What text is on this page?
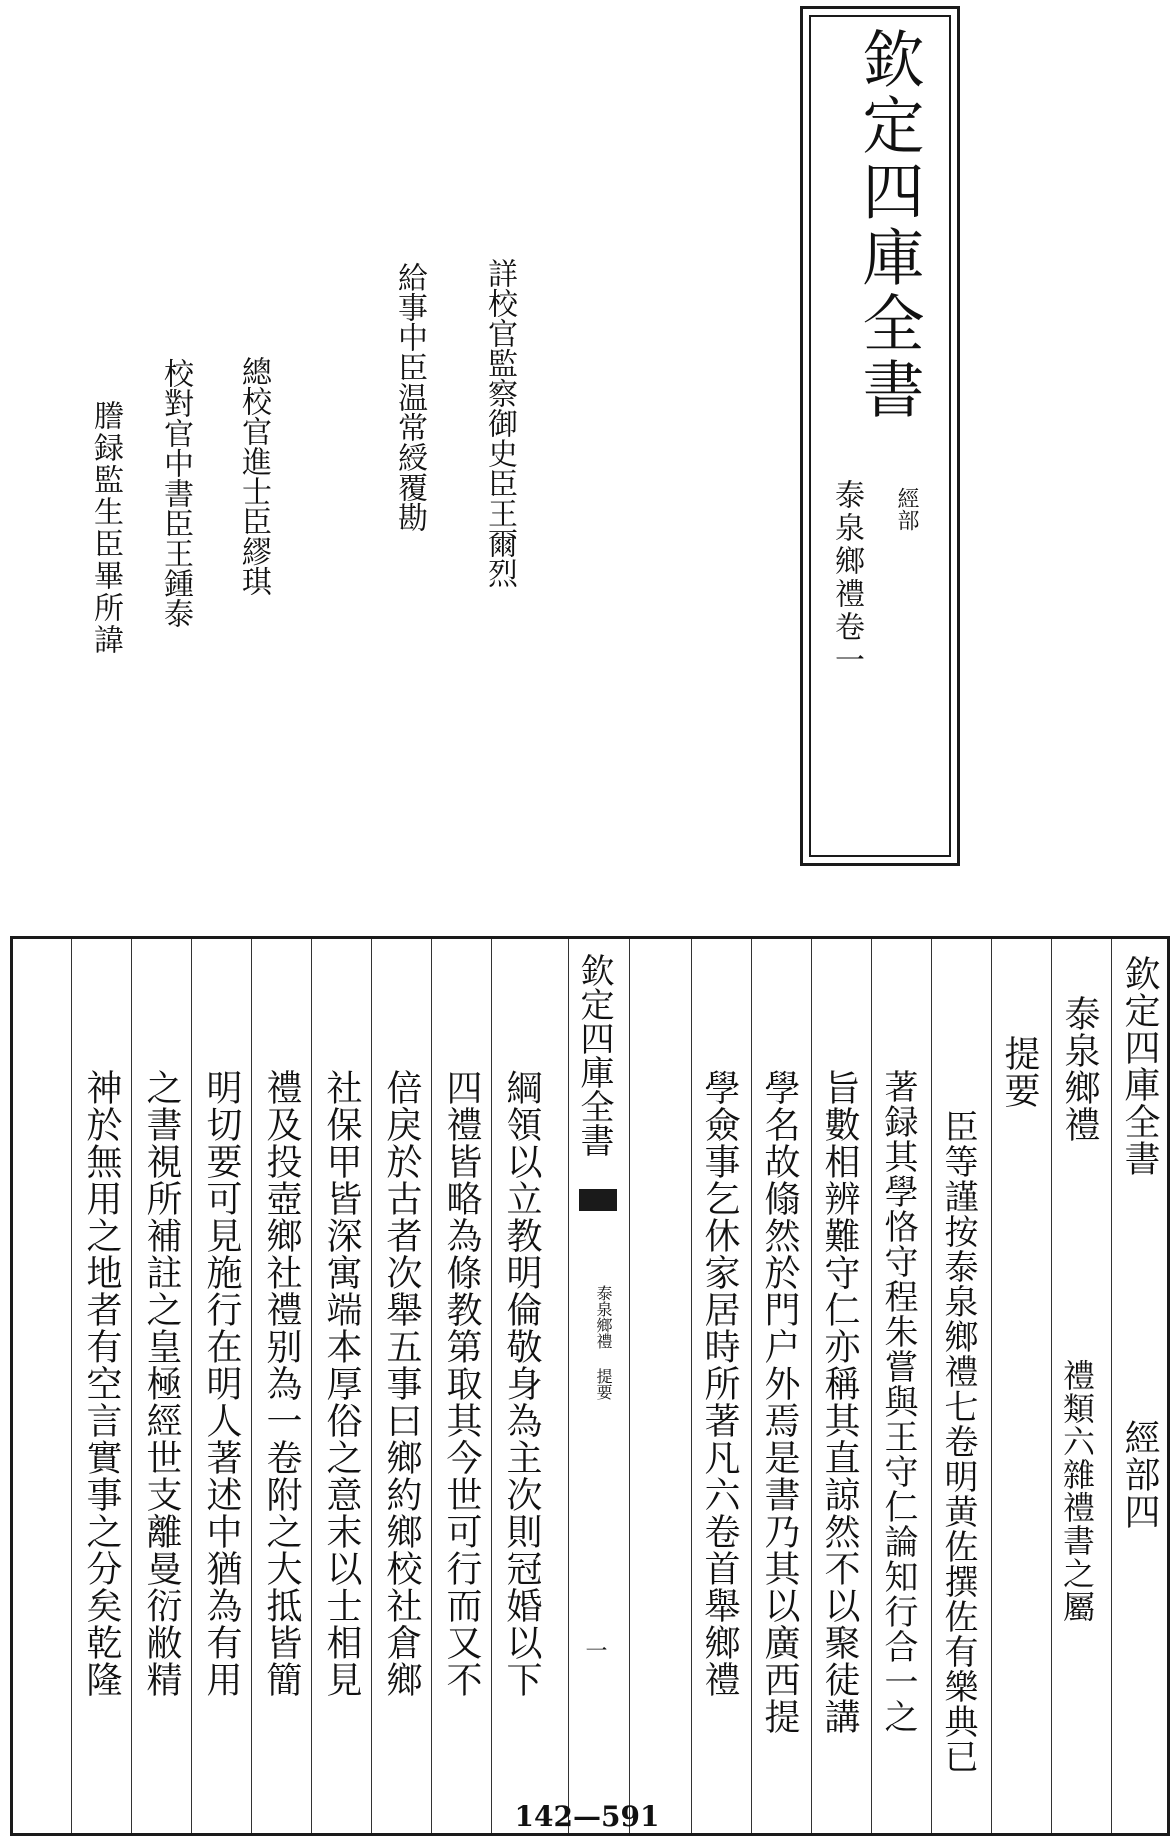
欽定四庫全書
經部
泰泉鄉禮卷一
詳校官監察御史臣王爾烈
給事中臣温常綬覆勘
總校官進士臣繆琪
校對官中書臣王鍾泰
謄録監生臣畢所諱
欽定四庫全書
經部四
泰泉鄉禮
禮類六雜禮書之屬
提要
臣等謹按泰泉鄉禮七卷明黄佐撰佐有樂典已
著録其學恪守程朱嘗與王守仁論知行合一之
旨數相辨難守仁亦稱其直諒然不以聚徒講
學名故翛然於門户外焉是書乃其以廣西提
學僉事乞休家居時所著凡六卷首舉鄉禮
欽定四庫全書
泰泉鄉禮 提要
一
綱領以立教明倫敬身為主次則冠婚以下
四禮皆略為條教第取其今世可行而又不
倍戾於古者次舉五事曰鄉約鄉校社倉鄉
社保甲皆深寓端本厚俗之意末以士相見
禮及投壺鄉社禮别為一卷附之大抵皆簡
明切要可見施行在明人著述中猶為有用
之書視所補註之皇極經世支離曼衍敝精
神於無用之地者有空言實事之分矣乾隆
142—591
